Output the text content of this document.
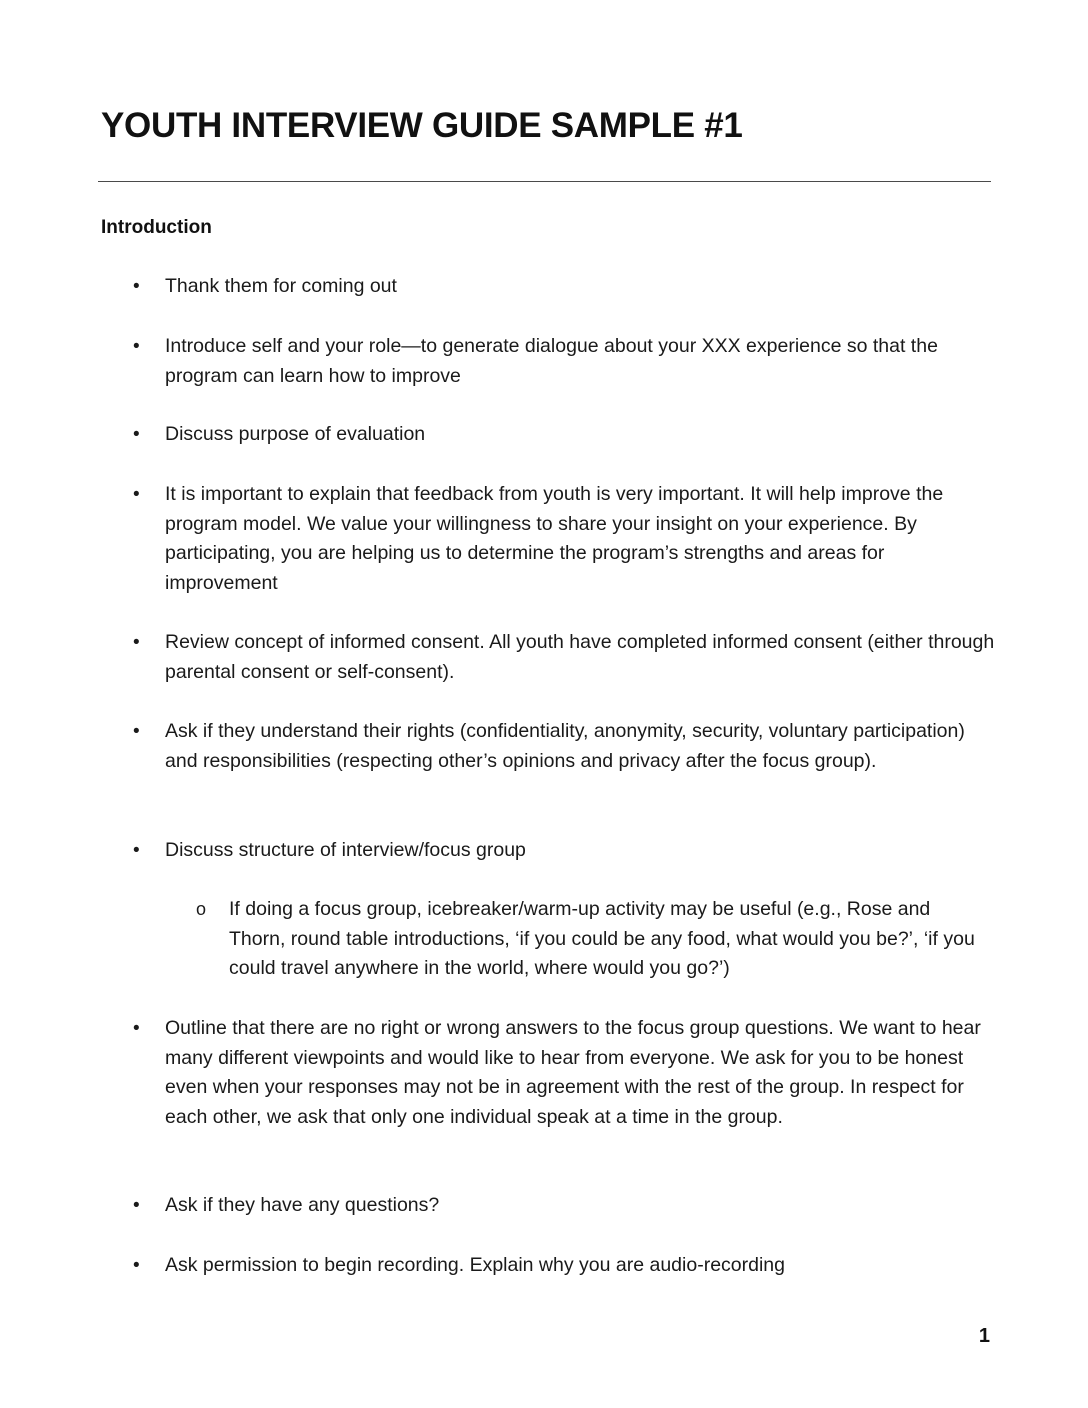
YOUTH INTERVIEW GUIDE SAMPLE #1
Introduction
• Thank them for coming out
• Introduce self and your role—to generate dialogue about your XXX experience so that the program can learn how to improve
• Discuss purpose of evaluation
• It is important to explain that feedback from youth is very important. It will help improve the program model. We value your willingness to share your insight on your experience. By participating, you are helping us to determine the program’s strengths and areas for improvement
• Review concept of informed consent. All youth have completed informed consent (either through parental consent or self-consent).
• Ask if they understand their rights (confidentiality, anonymity, security, voluntary participation) and responsibilities (respecting other’s opinions and privacy after the focus group).
• Discuss structure of interview/focus group
o If doing a focus group, icebreaker/warm-up activity may be useful (e.g., Rose and Thorn, round table introductions, ‘if you could be any food, what would you be?’, ‘if you could travel anywhere in the world, where would you go?’)
• Outline that there are no right or wrong answers to the focus group questions. We want to hear many different viewpoints and would like to hear from everyone. We ask for you to be honest even when your responses may not be in agreement with the rest of the group. In respect for each other, we ask that only one individual speak at a time in the group.
• Ask if they have any questions?
• Ask permission to begin recording. Explain why you are audio-recording
1
